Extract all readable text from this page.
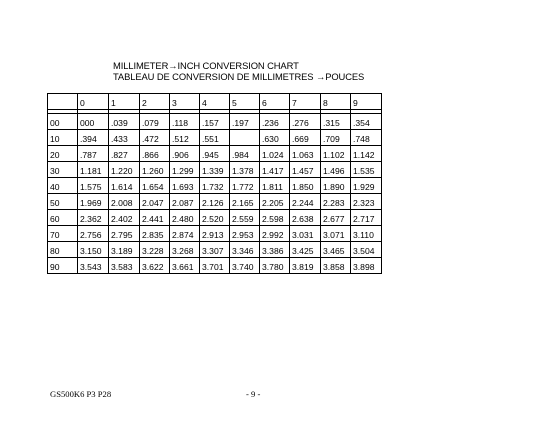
MILLIMETER→INCH CONVERSION CHART
TABLEAU DE CONVERSION DE MILLIMETRES →POUCES
	0	1	2	3	4	5	6	7	8	9

00	000	.039	.079	.118	.157	.197	.236	.276	.315	.354
10	.394	.433	.472	.512	.551		.630	.669	.709	.748
20	.787	.827	.866	.906	.945	.984	1.024	1.063	1.102	1.142
30	1.181	1.220	1.260	1.299	1.339	1.378	1.417	1.457	1.496	1.535
40	1.575	1.614	1.654	1.693	1.732	1.772	1.811	1.850	1.890	1.929
50	1.969	2.008	2.047	2.087	2.126	2.165	2.205	2.244	2.283	2.323
60	2.362	2.402	2.441	2.480	2.520	2.559	2.598	2.638	2.677	2.717
70	2.756	2.795	2.835	2.874	2.913	2.953	2.992	3.031	3.071	3.110
80	3.150	3.189	3.228	3.268	3.307	3.346	3.386	3.425	3.465	3.504
90	3.543	3.583	3.622	3.661	3.701	3.740	3.780	3.819	3.858	3.898
GS500K6 P3 P28	- 9 -
